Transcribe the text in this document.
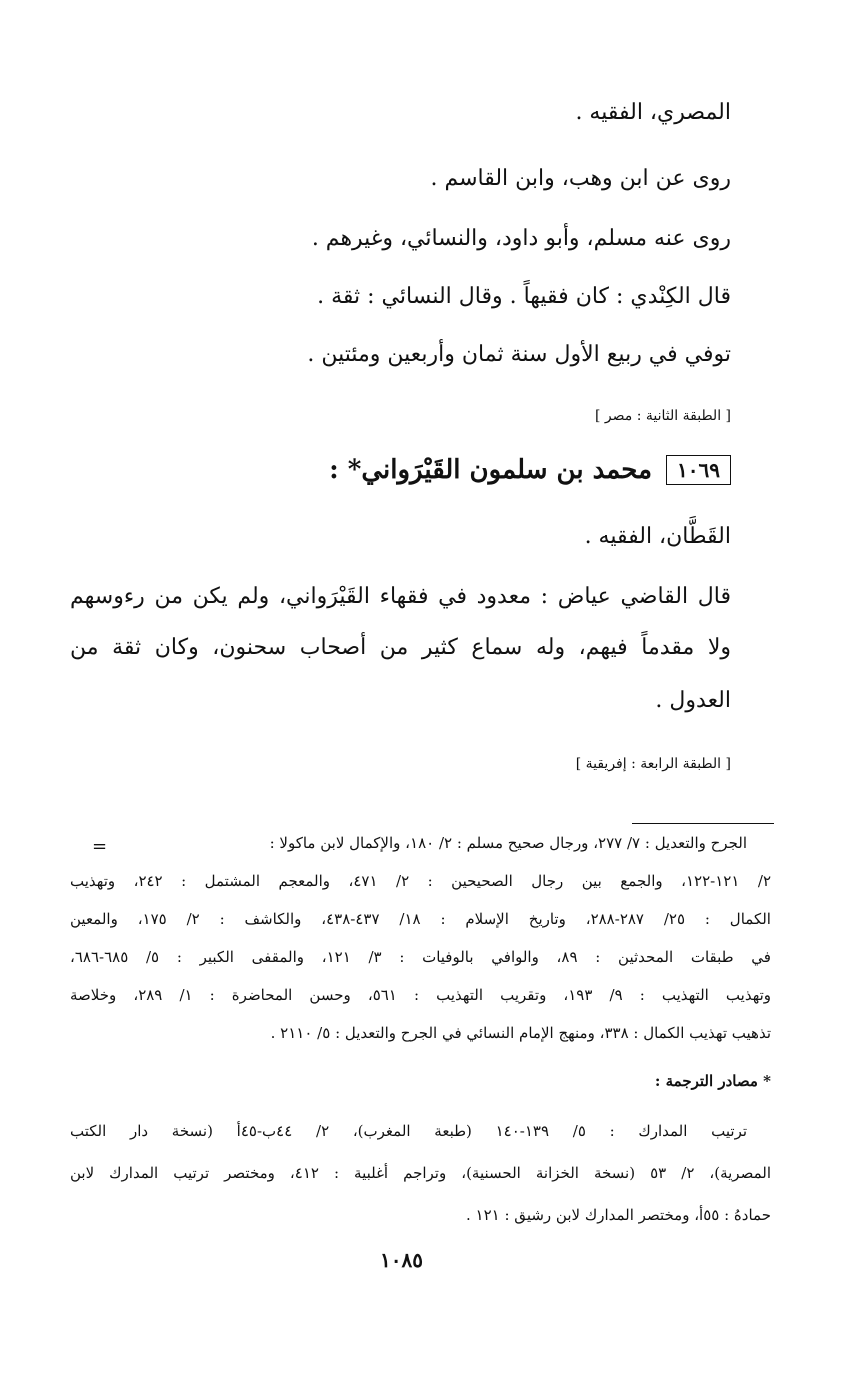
المصري، الفقيه .
روى عن ابن وهب، وابن القاسم .
روى عنه مسلم، وأبو داود، والنسائي، وغيرهم .
قال الكِنْدي : كان فقيهاً . وقال النسائي : ثقة .
توفي في ربيع الأول سنة ثمان وأربعين ومئتين .
[ الطبقة الثانية : مصر ]
١٠٦٩
محمد بن سلمون القَيْرَواني* :
القَطَّان، الفقيه .
قال القاضي عياض : معدود في فقهاء القَيْرَواني، ولم يكن من رءوسهم
ولا مقدماً فيهم، وله سماع كثير من أصحاب سحنون، وكان ثقة من
العدول .
[ الطبقة الرابعة : إفريقية ]
=	الجرح والتعديل : ٧/ ٢٧٧، ورجال صحيح مسلم : ٢/ ١٨٠، والإكمال لابن ماكولا :
٢/ ١٢١-١٢٢، والجمع بين رجال الصحيحين : ٢/ ٤٧١، والمعجم المشتمل : ٢٤٢، وتهذيب
الكمال : ٢٥/ ٢٨٧-٢٨٨، وتاريخ الإسلام : ١٨/ ٤٣٧-٤٣٨، والكاشف : ٢/ ١٧٥، والمعين
في طبقات المحدثين : ٨٩، والوافي بالوفيات : ٣/ ١٢١، والمقفى الكبير : ٥/ ٦٨٥-٦٨٦،
وتهذيب التهذيب : ٩/ ١٩٣، وتقريب التهذيب : ٥٦١، وحسن المحاضرة : ١/ ٢٨٩، وخلاصة
تذهيب تهذيب الكمال : ٣٣٨، ومنهج الإمام النسائي في الجرح والتعديل : ٥/ ٢١١٠ .
* مصادر الترجمة :
ترتيب المدارك : ٥/ ١٣٩-١٤٠ (طبعة المغرب)، ٢/ ٤٤ب-٤٥أ (نسخة دار الكتب
المصرية)، ٢/ ٥٣ (نسخة الخزانة الحسنية)، وتراجم أغلبية : ٤١٢، ومختصر ترتيب المدارك لابن
حمادهُ : ٥٥أ، ومختصر المدارك لابن رشيق : ١٢١ .
١٠٨٥
